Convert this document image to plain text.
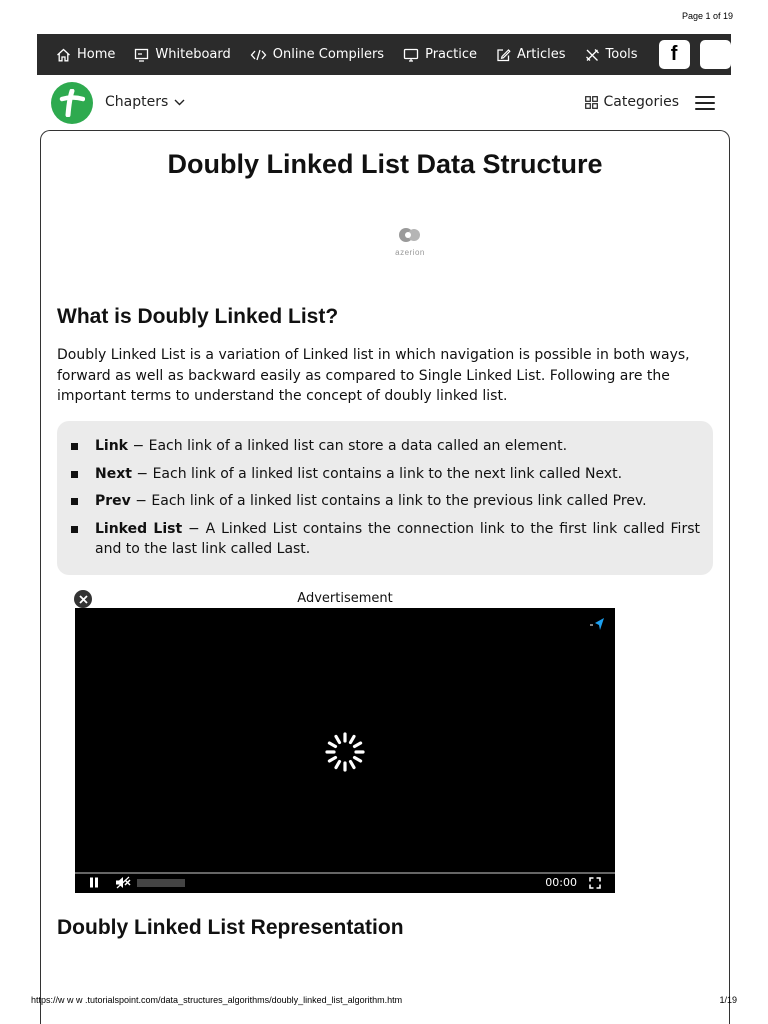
Page 1 of 19
Home	Whiteboard	Online Compilers	Practice	Articles	Tools	f
Chapters	Categories
Doubly Linked List Data Structure
azerion
What is Doubly Linked List?

Doubly Linked List is a variation of Linked list in which navigation is possible in both ways, forward as well as backward easily as compared to Single Linked List. Following are the important terms to understand the concept of doubly linked list.

Link − Each link of a linked list can store a data called an element.
Next − Each link of a linked list contains a link to the next link called Next.
Prev − Each link of a linked list contains a link to the previous link called Prev.
Linked List − A Linked List contains the connection link to the first link called First and to the last link called Last.
Advertisement
00:00
Doubly Linked List Representation
https://w w w .tutorialspoint.com/data_structures_algorithms/doubly_linked_list_algorithm.htm	1/19
